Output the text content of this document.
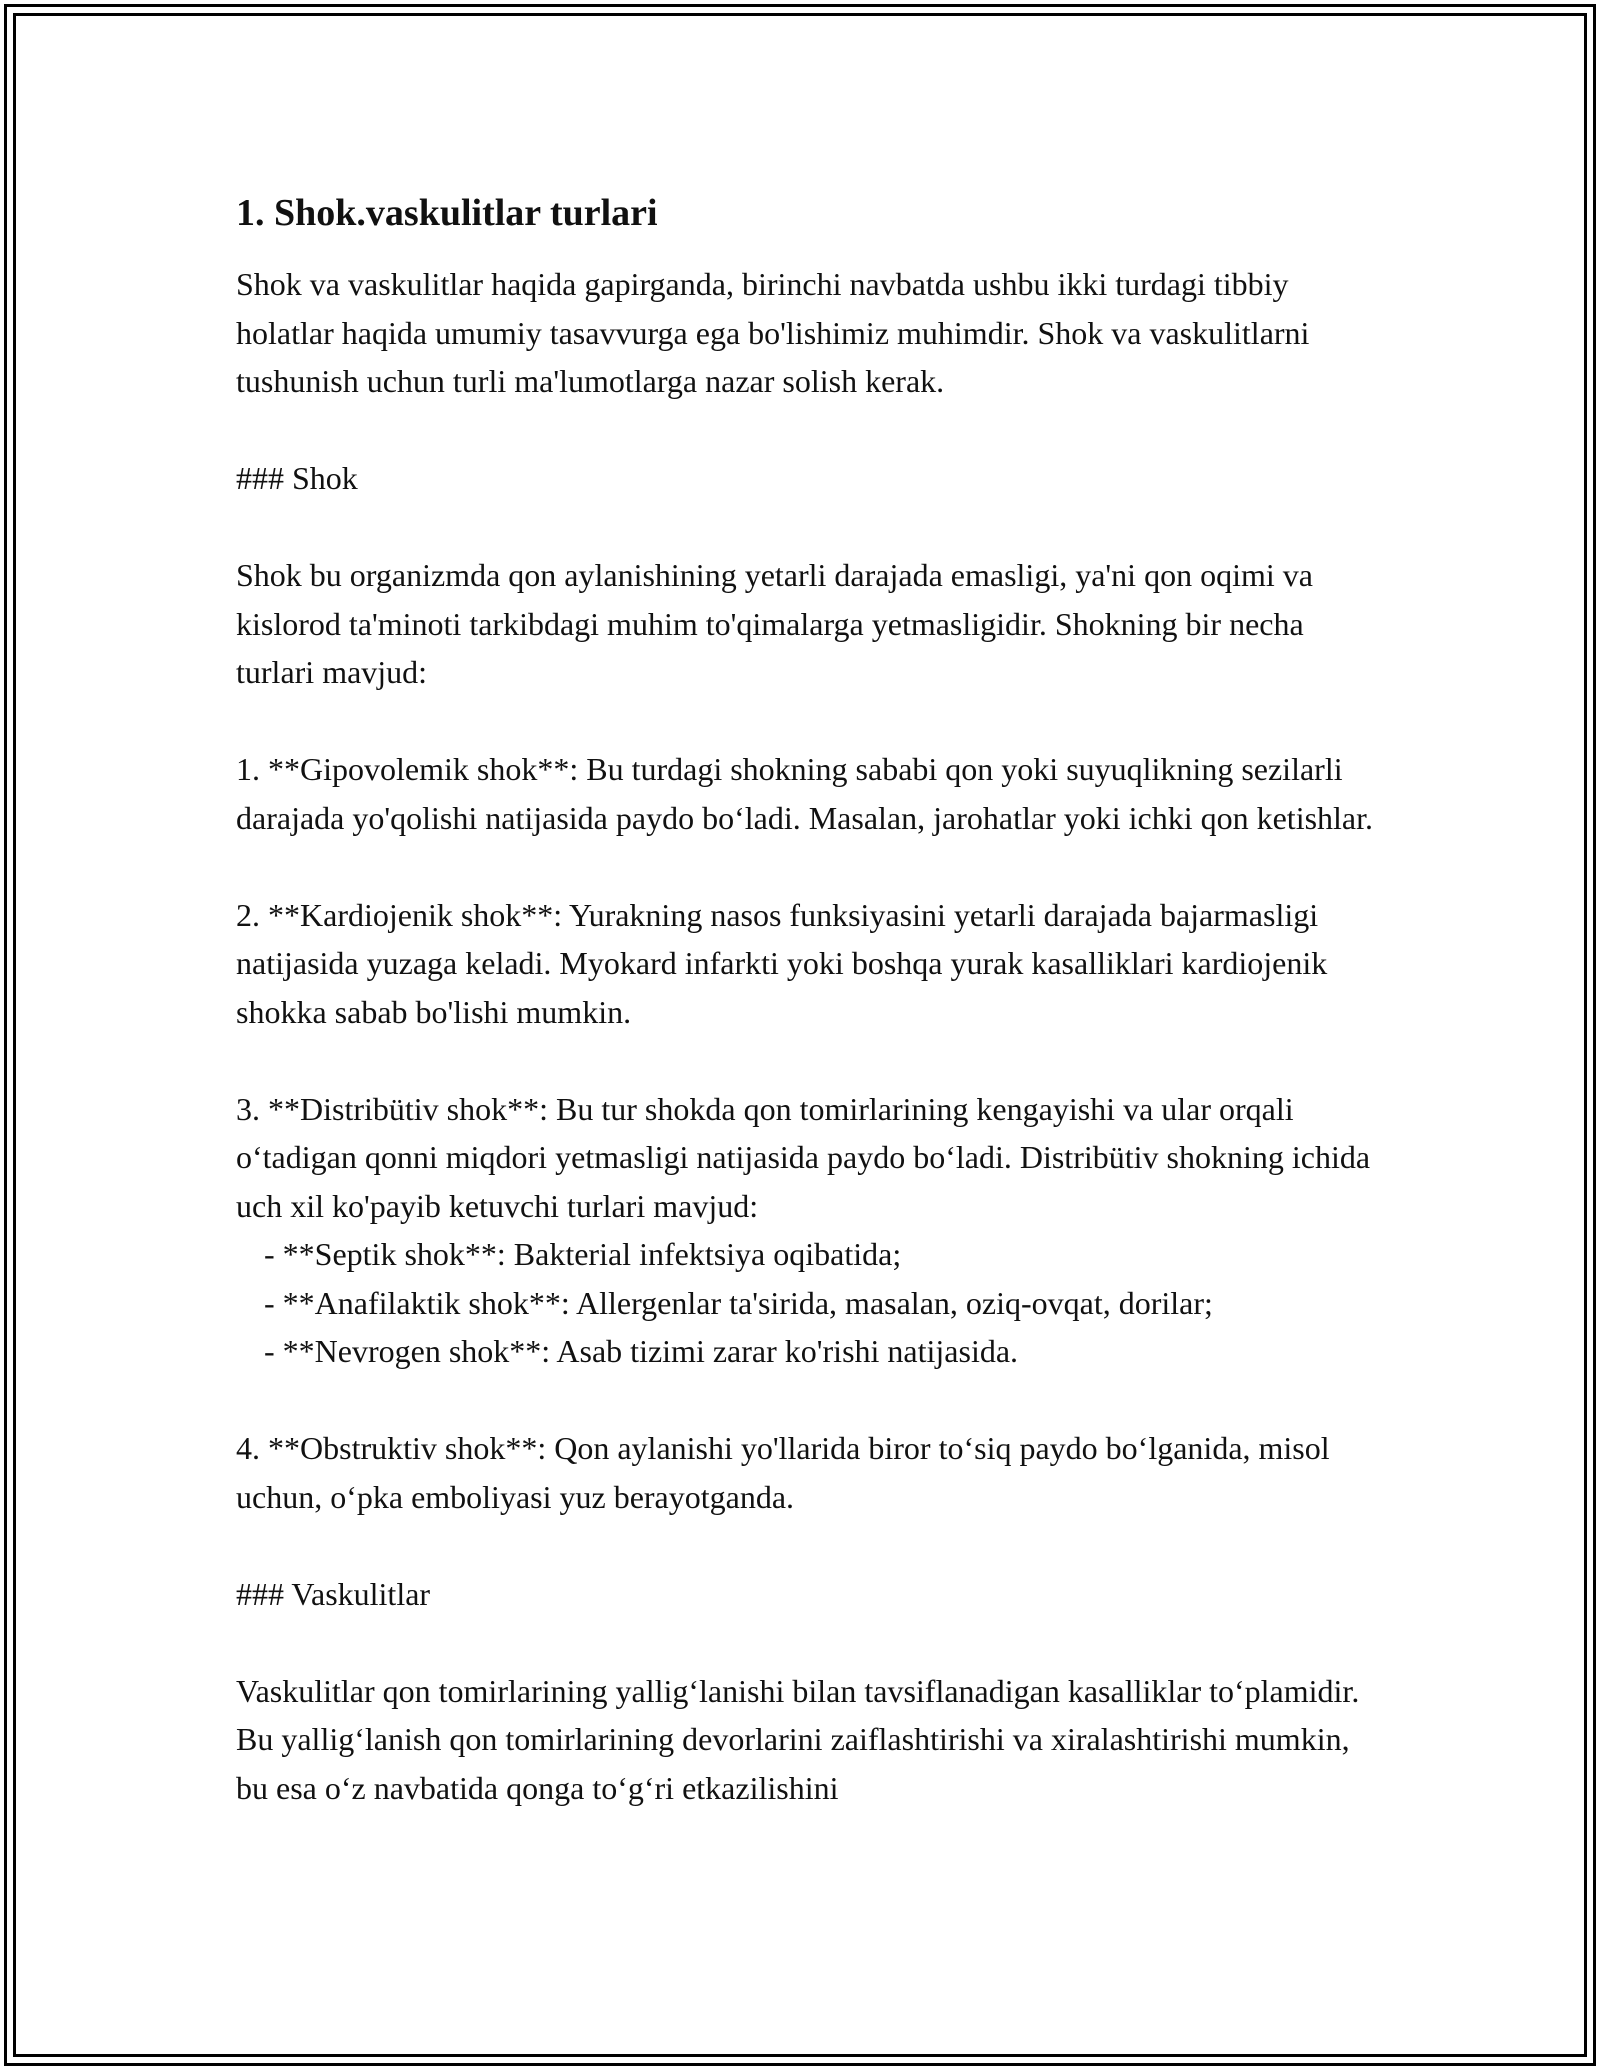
1. Shok.vaskulitlar turlari

Shok va vaskulitlar haqida gapirganda, birinchi navbatda ushbu ikki turdagi tibbiy holatlar haqida umumiy tasavvurga ega bo'lishimiz muhimdir. Shok va vaskulitlarni tushunish uchun turli ma'lumotlarga nazar solish kerak.

### Shok

Shok bu organizmda qon aylanishining yetarli darajada emasligi, ya'ni qon oqimi va kislorod ta'minoti tarkibdagi muhim to'qimalarga yetmasligidir. Shokning bir necha turlari mavjud:

1. **Gipovolemik shok**: Bu turdagi shokning sababi qon yoki suyuqlikning sezilarli darajada yo'qolishi natijasida paydo bo‘ladi. Masalan, jarohatlar yoki ichki qon ketishlar.

2. **Kardiojenik shok**: Yurakning nasos funksiyasini yetarli darajada bajarmasligi natijasida yuzaga keladi. Myokard infarkti yoki boshqa yurak kasalliklari kardiojenik shokka sabab bo'lishi mumkin.

3. **Distribütiv shok**: Bu tur shokda qon tomirlarining kengayishi va ular orqali o‘tadigan qonni miqdori yetmasligi natijasida paydo bo‘ladi. Distribütiv shokning ichida uch xil ko'payib ketuvchi turlari mavjud:

- **Septik shok**: Bakterial infektsiya oqibatida;
- **Anafilaktik shok**: Allergenlar ta'sirida, masalan, oziq-ovqat, dorilar;
- **Nevrogen shok**: Asab tizimi zarar ko'rishi natijasida.

4. **Obstruktiv shok**: Qon aylanishi yo'llarida biror to‘siq paydo bo‘lganida, misol uchun, o‘pka emboliyasi yuz berayotganda.

### Vaskulitlar

Vaskulitlar qon tomirlarining yallig‘lanishi bilan tavsiflanadigan kasalliklar to‘plamidir. Bu yallig‘lanish qon tomirlarining devorlarini zaiflashtirishi va xiralashtirishi mumkin, bu esa o‘z navbatida qonga to‘g‘ri etkazilishini
